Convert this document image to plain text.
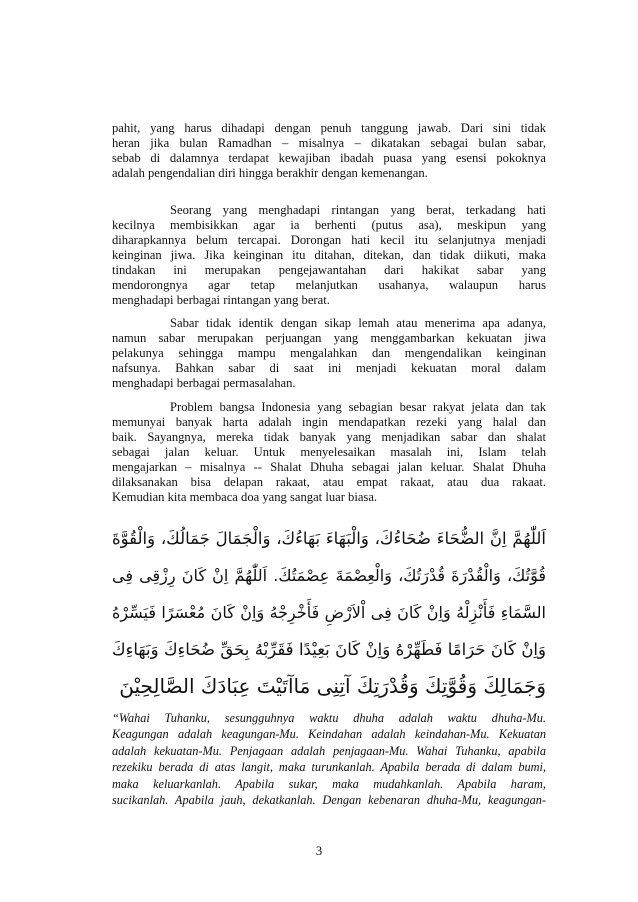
pahit, yang harus dihadapi dengan penuh tanggung jawab. Dari sini tidak
heran jika bulan Ramadhan – misalnya – dikatakan sebagai bulan sabar,
sebab di dalamnya terdapat kewajiban ibadah puasa yang esensi pokoknya
adalah pengendalian diri hingga berakhir dengan kemenangan.

Seorang yang menghadapi rintangan yang berat, terkadang hati
kecilnya membisikkan agar ia berhenti (putus asa), meskipun yang
diharapkannya belum tercapai. Dorongan hati kecil itu selanjutnya menjadi
keinginan jiwa. Jika keinginan itu ditahan, ditekan, dan tidak diikuti, maka
tindakan ini merupakan pengejawantahan dari hakikat sabar yang
mendorongnya agar tetap melanjutkan usahanya, walaupun harus
menghadapi berbagai rintangan yang berat.

Sabar tidak identik dengan sikap lemah atau menerima apa adanya,
namun sabar merupakan perjuangan yang menggambarkan kekuatan jiwa
pelakunya sehingga mampu mengalahkan dan mengendalikan keinginan
nafsunya. Bahkan sabar di saat ini menjadi kekuatan moral dalam
menghadapi berbagai permasalahan.

Problem bangsa Indonesia yang sebagian besar rakyat jelata dan tak
memunyai banyak harta adalah ingin mendapatkan rezeki yang halal dan
baik. Sayangnya, mereka tidak banyak yang menjadikan sabar dan shalat
sebagai jalan keluar. Untuk menyelesaikan masalah ini, Islam telah
mengajarkan – misalnya -- Shalat Dhuha sebagai jalan keluar. Shalat Dhuha
dilaksanakan bisa delapan rakaat, atau empat rakaat, atau dua rakaat.
Kemudian kita membaca doa yang sangat luar biasa.

اَللّٰهُمَّ اِنَّ الضُّحَاءَ ضُحَاءُكَ، وَالْبَهَاءَ بَهَاءُكَ، وَالْجَمَالَ جَمَالُكَ، وَالْقُوَّةَ
قُوَّتُكَ، وَالْقُدْرَةَ قُدْرَتُكَ، وَالْعِصْمَةَ عِصْمَتُكَ. اَللّٰهُمَّ اِنْ كَانَ رِزْقِى فِى
السَّمَاءِ فَأَنْزِلْهُ وَاِنْ كَانَ فِى اْلاَرْضِ فَأَخْرِجْهُ وَاِنْ كَانَ مُعْسَرًا فَيَسِّرْهُ
وَاِنْ كَانَ حَرَامًا فَطَهِّرْهُ وَاِنْ كَانَ بَعِيْدًا فَقَرِّبْهُ بِحَقِّ ضُحَاءِكَ وَبَهَاءِكَ
وَجَمَالِكَ وَقُوَّتِكَ وَقُدْرَتِكَ آتِنِى مَاآتَيْتَ عِبَادَكَ الصَّالِحِيْنَ

“Wahai Tuhanku, sesungguhnya waktu dhuha adalah waktu dhuha-Mu.
Keagungan adalah keagungan-Mu. Keindahan adalah keindahan-Mu. Kekuatan
adalah kekuatan-Mu. Penjagaan adalah penjagaan-Mu. Wahai Tuhanku, apabila
rezekiku berada di atas langit, maka turunkanlah. Apabila berada di dalam bumi,
maka keluarkanlah. Apabila sukar, maka mudahkanlah. Apabila haram,
sucikanlah. Apabila jauh, dekatkanlah. Dengan kebenaran dhuha-Mu, keagungan-

3
